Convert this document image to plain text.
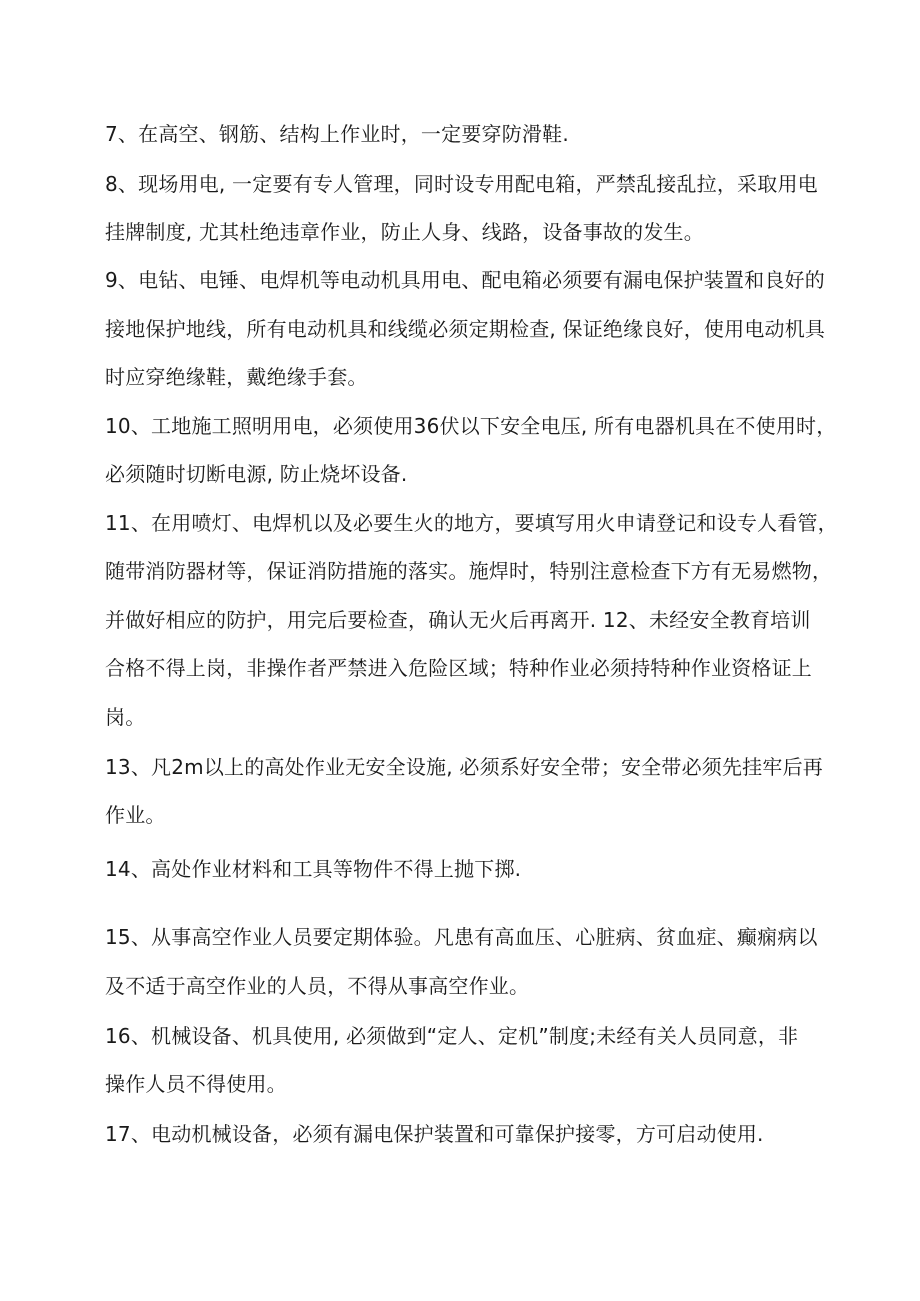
7、在高空、钢筋、结构上作业时，一定要穿防滑鞋.
8、现场用电, 一定要有专人管理，同时设专用配电箱，严禁乱接乱拉，采取用电
挂牌制度, 尤其杜绝违章作业，防止人身、线路，设备事故的发生。
9、电钻、电锤、电焊机等电动机具用电、配电箱必须要有漏电保护装置和良好的
接地保护地线，所有电动机具和线缆必须定期检查, 保证绝缘良好，使用电动机具
时应穿绝缘鞋，戴绝缘手套。
10、工地施工照明用电，必须使用36伏以下安全电压, 所有电器机具在不使用时，
必须随时切断电源, 防止烧坏设备.
11、在用喷灯、电焊机以及必要生火的地方，要填写用火申请登记和设专人看管，
随带消防器材等，保证消防措施的落实。施焊时，特别注意检查下方有无易燃物，
并做好相应的防护，用完后要检查，确认无火后再离开. 12、未经安全教育培训
合格不得上岗，非操作者严禁进入危险区域；特种作业必须持特种作业资格证上
岗。
13、凡2m以上的高处作业无安全设施, 必须系好安全带；安全带必须先挂牢后再
作业。
14、高处作业材料和工具等物件不得上抛下掷.
15、从事高空作业人员要定期体验。凡患有高血压、心脏病、贫血症、癫痫病以
及不适于高空作业的人员，不得从事高空作业。
16、机械设备、机具使用, 必须做到“定人、定机”制度;未经有关人员同意，非
操作人员不得使用。
17、电动机械设备，必须有漏电保护装置和可靠保护接零，方可启动使用.
